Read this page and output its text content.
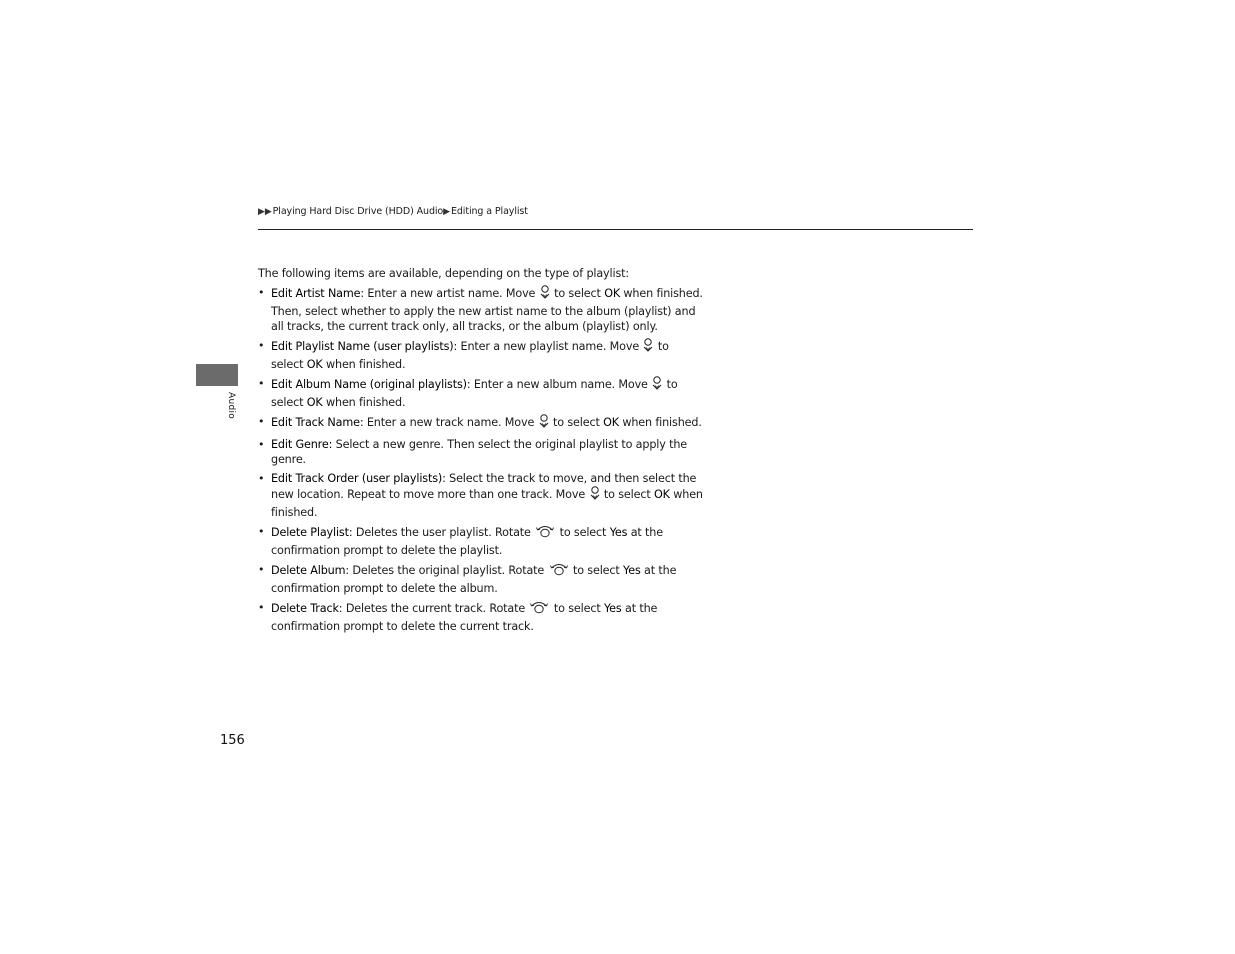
▶▶Playing Hard Disc Drive (HDD) Audio▶Editing a Playlist
Audio

The following items are available, depending on the type of playlist:

• Edit Artist Name: Enter a new artist name. Move  to select OK when finished. Then, select whether to apply the new artist name to the album (playlist) and all tracks, the current track only, all tracks, or the album (playlist) only.
• Edit Playlist Name (user playlists): Enter a new playlist name. Move  to select OK when finished.
• Edit Album Name (original playlists): Enter a new album name. Move  to select OK when finished.
• Edit Track Name: Enter a new track name. Move  to select OK when finished.
• Edit Genre: Select a new genre. Then select the original playlist to apply the genre.
• Edit Track Order (user playlists): Select the track to move, and then select the new location. Repeat to move more than one track. Move  to select OK when finished.
• Delete Playlist: Deletes the user playlist. Rotate  to select Yes at the confirmation prompt to delete the playlist.
• Delete Album: Deletes the original playlist. Rotate  to select Yes at the confirmation prompt to delete the album.
• Delete Track: Deletes the current track. Rotate  to select Yes at the confirmation prompt to delete the current track.
156
